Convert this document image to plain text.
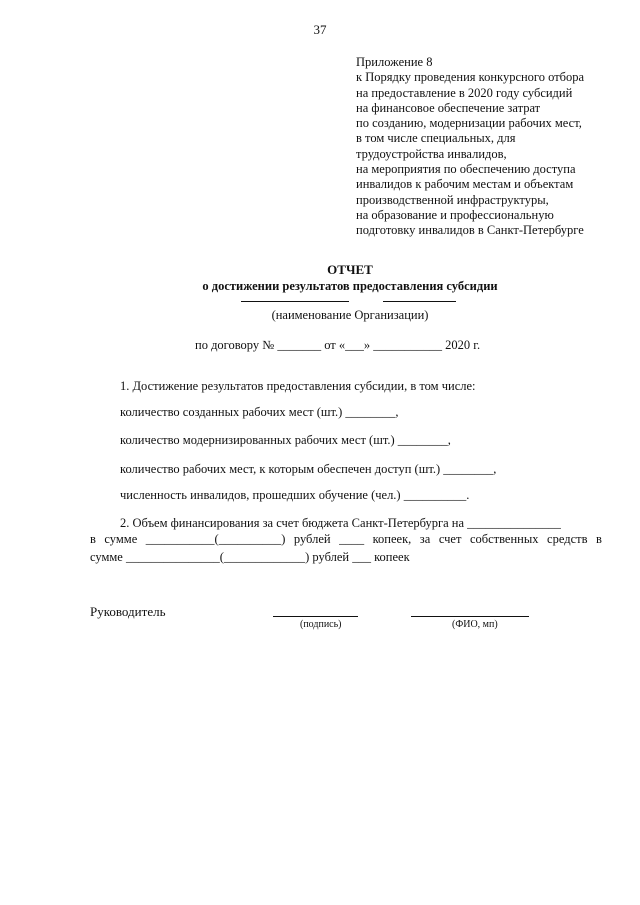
37
Приложение 8
к Порядку проведения конкурсного отбора
на предоставление в 2020 году субсидий
на финансовое обеспечение затрат
по созданию, модернизации рабочих мест,
в том числе специальных, для
трудоустройства инвалидов,
на мероприятия по обеспечению доступа
инвалидов к рабочим местам и объектам
производственной инфраструктуры,
на образование и профессиональную
подготовку инвалидов в Санкт-Петербурге
ОТЧЕТ
о достижении результатов предоставления субсидии
(наименование Организации)
по договору № _______ от «___» ___________ 2020 г.
1. Достижение результатов предоставления субсидии, в том числе:
количество созданных рабочих мест (шт.) ________,
количество модернизированных рабочих мест (шт.) ________,
количество рабочих мест, к которым обеспечен доступ (шт.) ________,
численность инвалидов, прошедших обучение (чел.) __________.
2. Объем финансирования за счет бюджета Санкт-Петербурга на _______________
в сумме ___________(__________) рублей ____ копеек, за счет собственных средств в
сумме _______________(_____________) рублей ___ копеек
Руководитель
(подпись)	(ФИО, мп)
